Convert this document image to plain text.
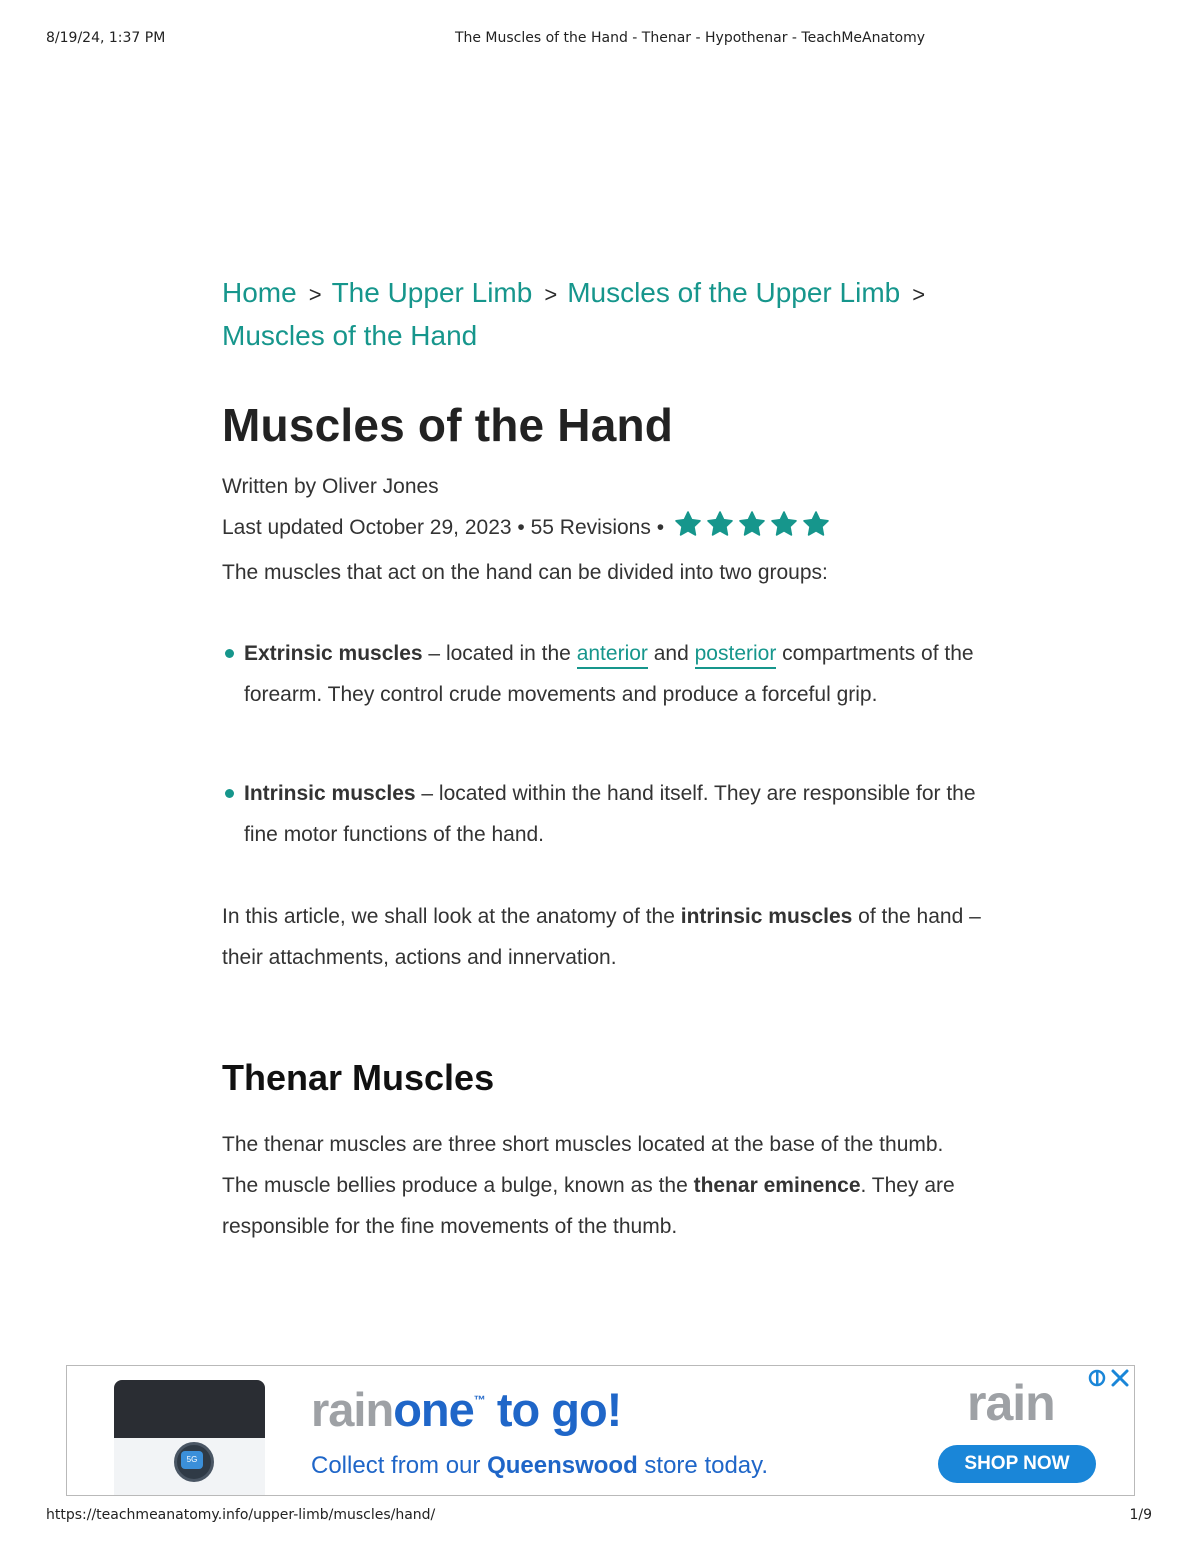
8/19/24, 1:37 PM	The Muscles of the Hand - Thenar - Hypothenar - TeachMeAnatomy
Home > The Upper Limb > Muscles of the Upper Limb >
Muscles of the Hand
Muscles of the Hand
Written by Oliver Jones
Last updated October 29, 2023 • 55 Revisions •

The muscles that act on the hand can be divided into two groups:

Extrinsic muscles – located in the anterior and posterior compartments of the forearm. They control crude movements and produce a forceful grip.
Intrinsic muscles – located within the hand itself. They are responsible for the fine motor functions of the hand.

In this article, we shall look at the anatomy of the intrinsic muscles of the hand – their attachments, actions and innervation.

Thenar Muscles

The thenar muscles are three short muscles located at the base of the thumb. The muscle bellies produce a bulge, known as the thenar eminence. They are responsible for the fine movements of the thumb.

5G
rainone™ to go!
Collect from our Queenswood store today.
rain
SHOP NOW
https://teachmeanatomy.info/upper-limb/muscles/hand/	1/9
